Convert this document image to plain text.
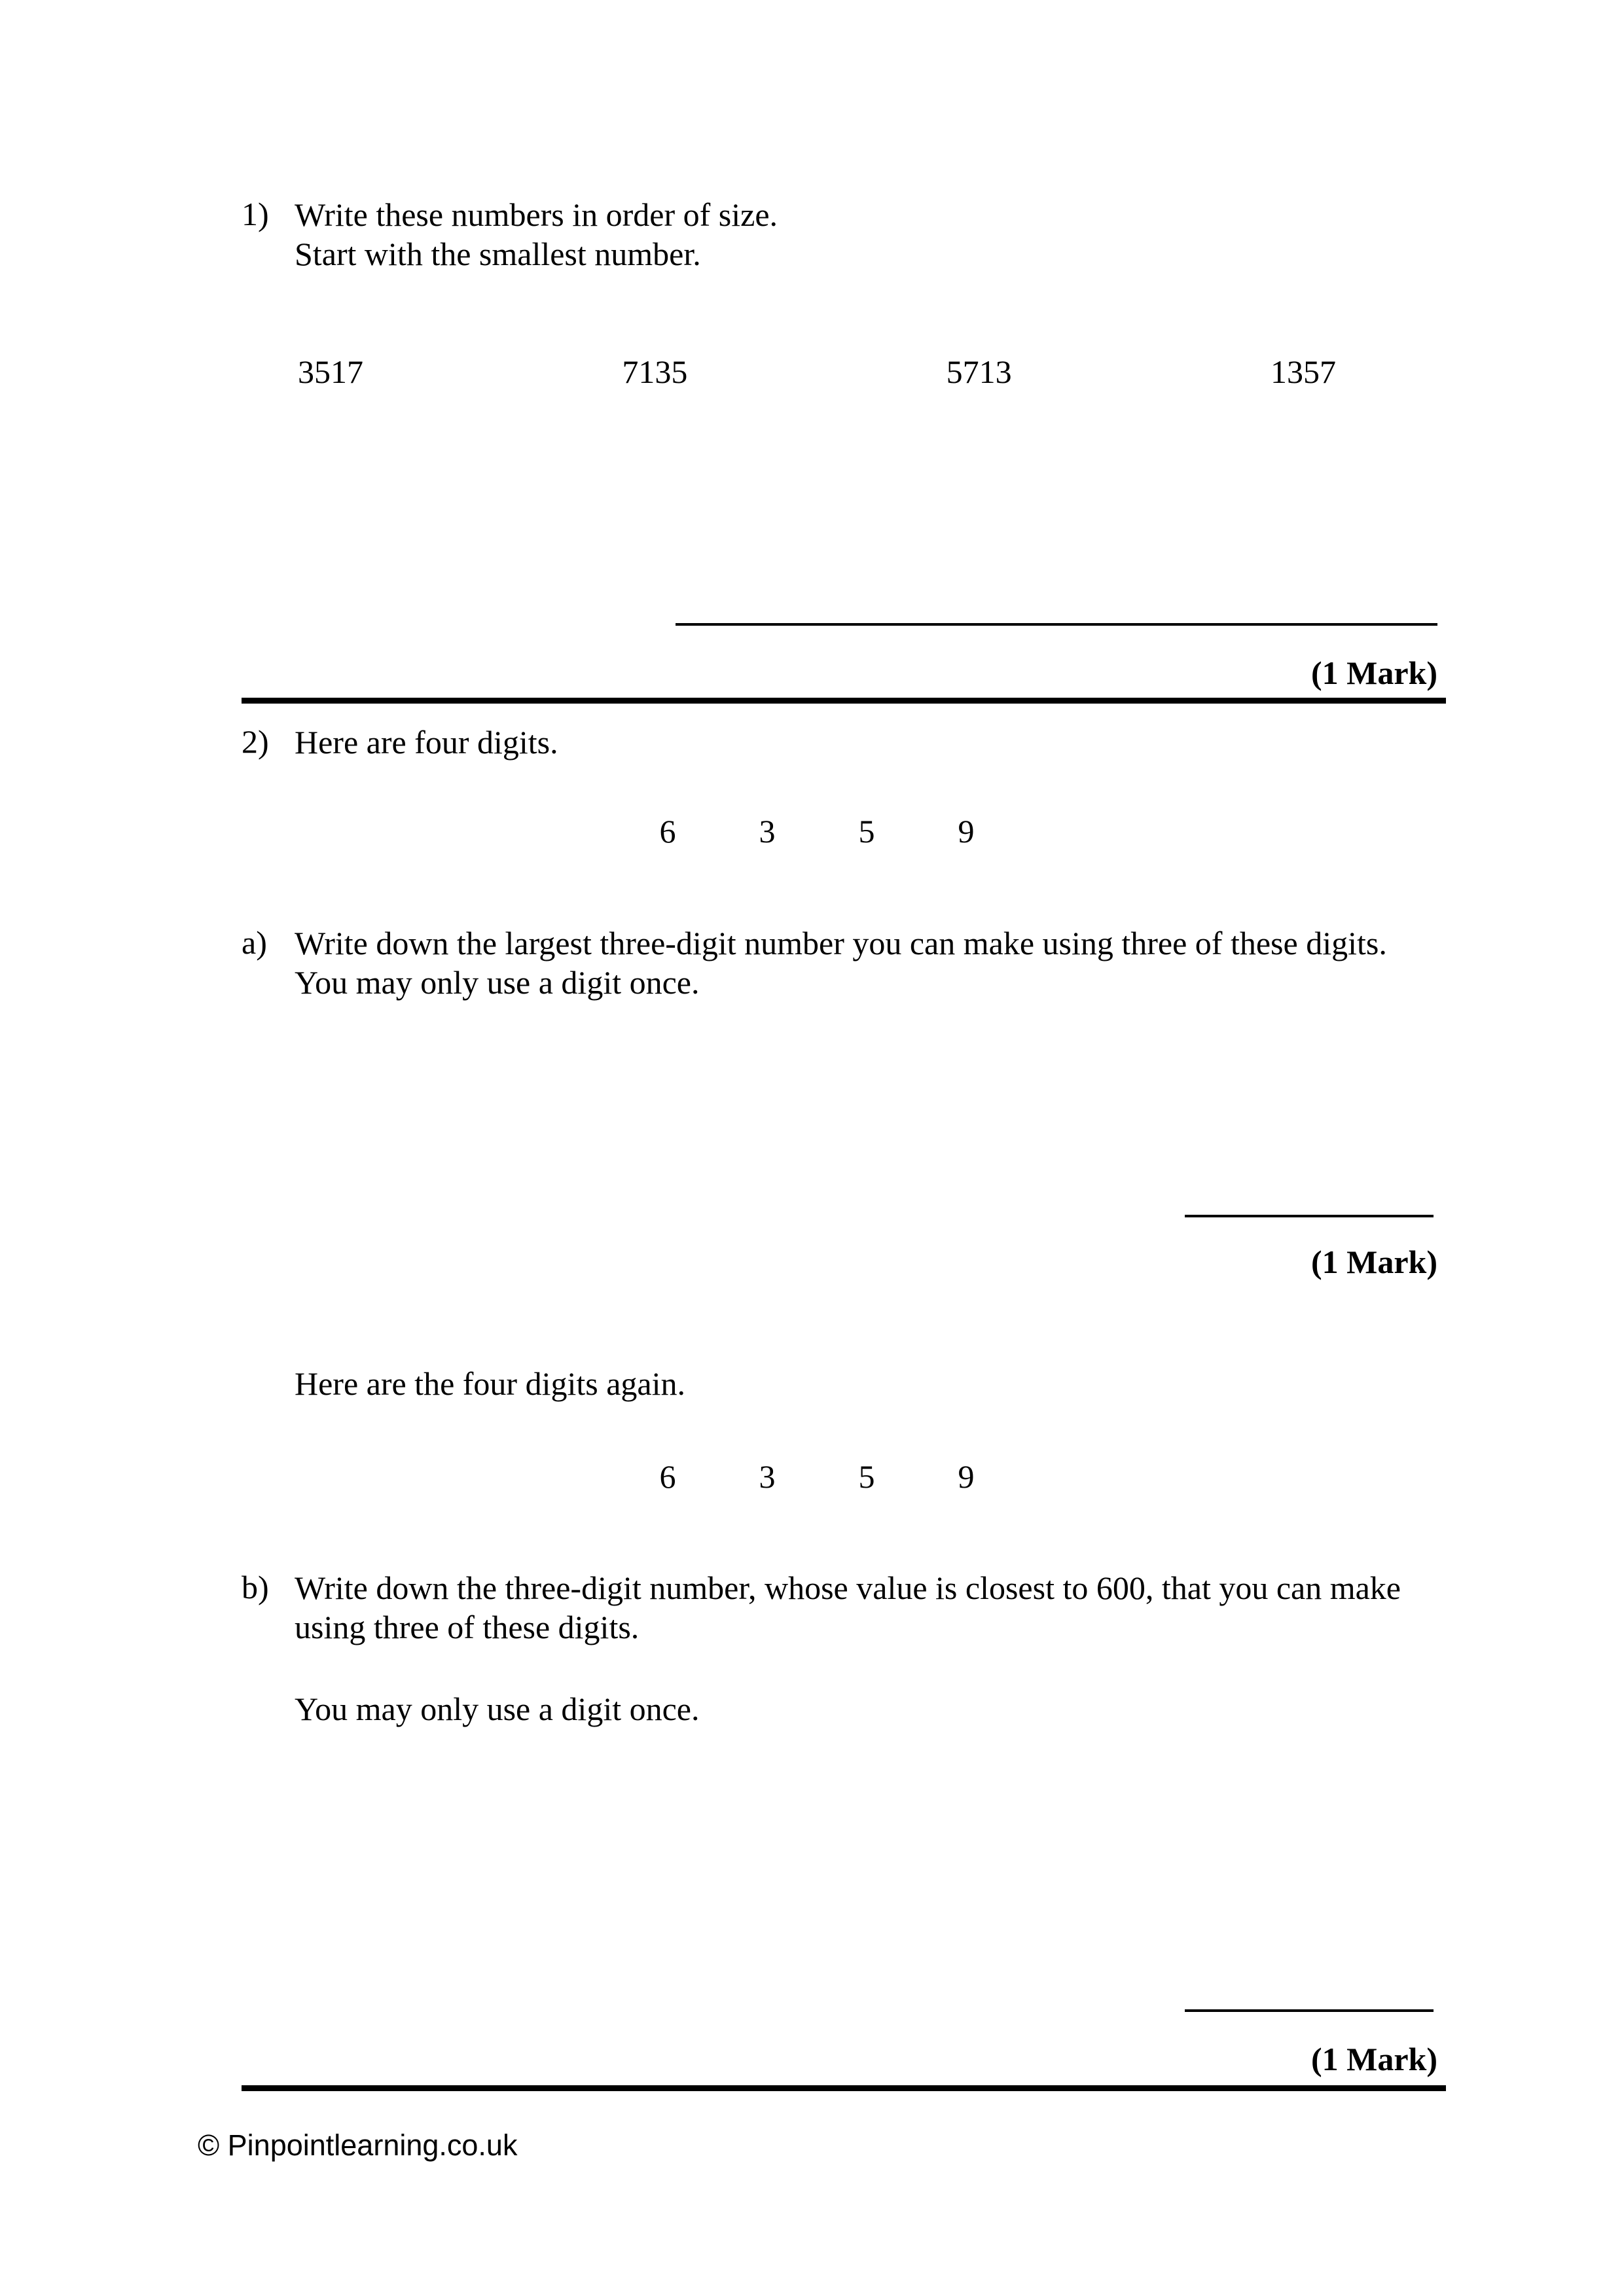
1) Write these numbers in order of size.
Start with the smallest number.
3517	7135	5713	1357
(1 Mark)
2) Here are four digits.
6	3	5	9
a) Write down the largest three-digit number you can make using three of these digits.
You may only use a digit once.
(1 Mark)
Here are the four digits again.
6	3	5	9
b) Write down the three-digit number, whose value is closest to 600, that you can make
using three of these digits.
You may only use a digit once.
(1 Mark)
© Pinpointlearning.co.uk
